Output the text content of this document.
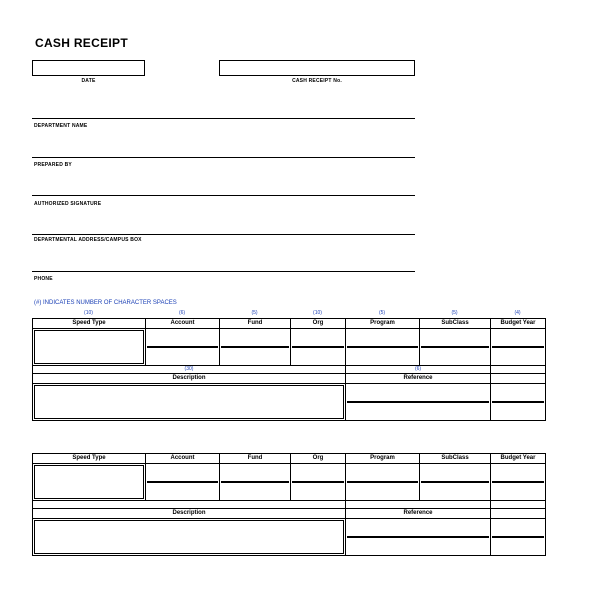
CASH RECEIPT
DATE	CASH RECEIPT No.
DEPARTMENT NAME
PREPARED BY
AUTHORIZED SIGNATURE
DEPARTMENTAL ADDRESS/CAMPUS BOX
PHONE
(#) INDICATES NUMBER OF CHARACTER SPACES
(10)	(6)	(5)	(10)	(5)	(5)	(4)
Speed Type	Account	Fund	Org	Program	SubClass	Budget Year

(30)				(6)		
Description				Reference		

Speed Type	Account	Fund	Org	Program	SubClass	Budget Year

Description				Reference		
